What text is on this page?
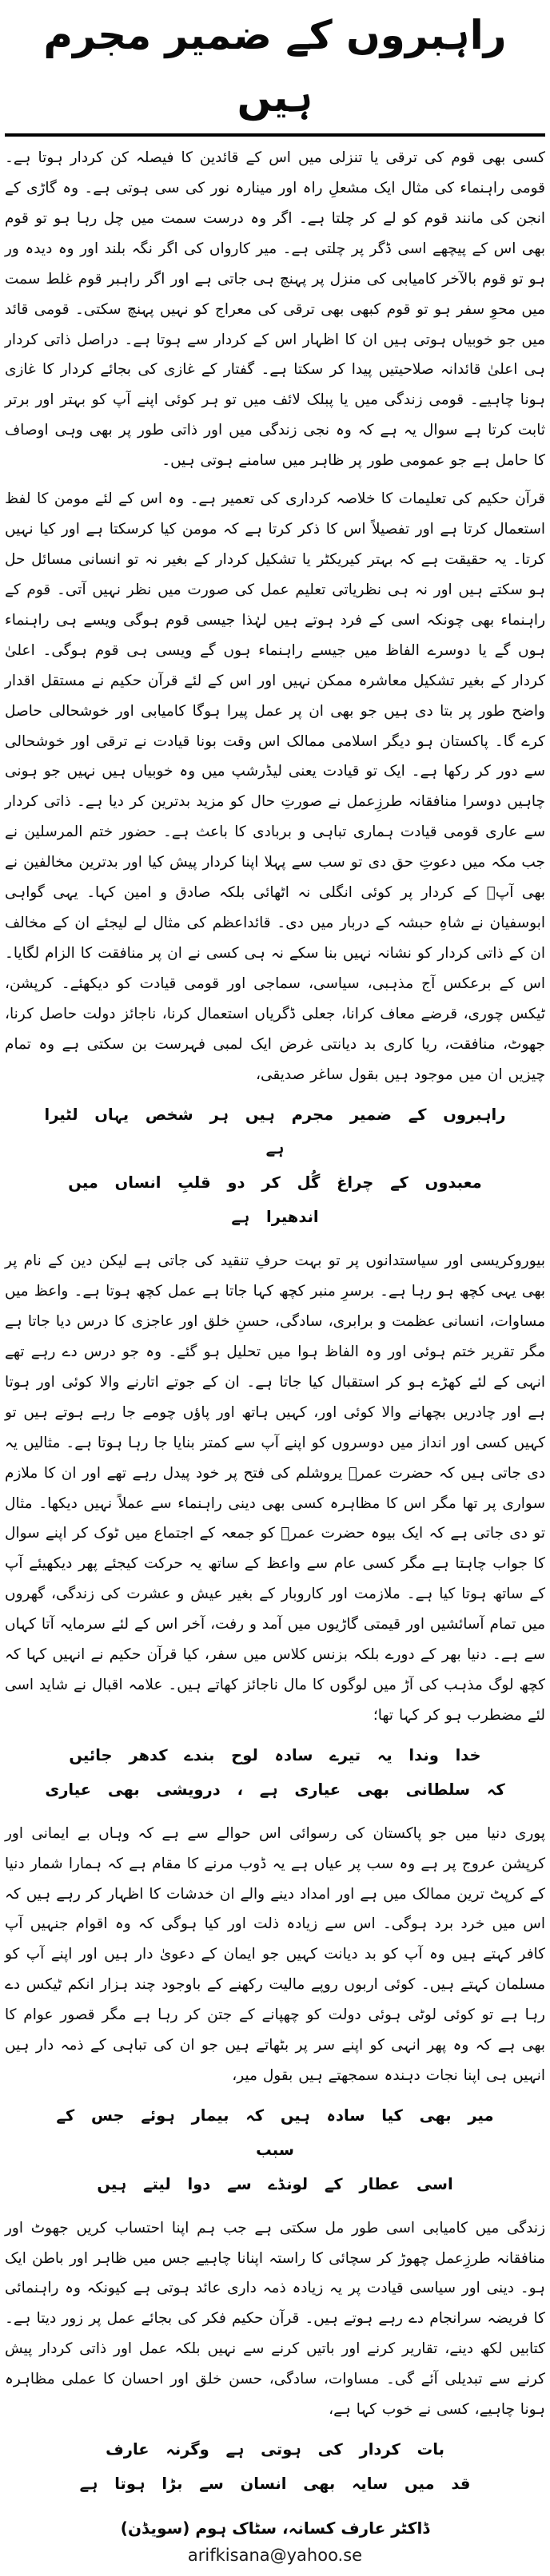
راہبروں کے ضمیر مجرم ہیں

کسی بھی قوم کی ترقی یا تنزلی میں اس کے قائدین کا فیصلہ کن کردار ہوتا ہے۔ قومی راہنماء کی مثال ایک مشعلِ راہ اور مینارہ نور کی سی ہوتی ہے۔ وہ گاڑی کے انجن کی مانند قوم کو لے کر چلتا ہے۔ اگر وہ درست سمت میں چل رہا ہو تو قوم بھی اس کے پیچھے اسی ڈگر پر چلتی ہے۔ میر کارواں کی اگر نگہ بلند اور وہ دیدہ ور ہو تو قوم بالآخر کامیابی کی منزل پر پہنچ ہی جاتی ہے اور اگر راہبر قوم غلط سمت میں محوِ سفر ہو تو قوم کبھی بھی ترقی کی معراج کو نہیں پہنچ سکتی۔ قومی قائد میں جو خوبیاں ہوتی ہیں ان کا اظہار اس کے کردار سے ہوتا ہے۔ دراصل ذاتی کردار ہی اعلیٰ قائدانہ صلاحیتیں پیدا کر سکتا ہے۔ گفتار کے غازی کی بجائے کردار کا غازی ہونا چاہیے۔ قومی زندگی میں یا پبلک لائف میں تو ہر کوئی اپنے آپ کو بہتر اور برتر ثابت کرتا ہے سوال یہ ہے کہ وہ نجی زندگی میں اور ذاتی طور پر بھی وہی اوصاف کا حامل ہے جو عمومی طور پر ظاہر میں سامنے ہوتی ہیں۔

قرآن حکیم کی تعلیمات کا خلاصہ کرداری کی تعمیر ہے۔ وہ اس کے لئے مومن کا لفظ استعمال کرتا ہے اور تفصیلاً اس کا ذکر کرتا ہے کہ مومن کیا کرسکتا ہے اور کیا نہیں کرتا۔ یہ حقیقت ہے کہ بہتر کیریکٹر یا تشکیل کردار کے بغیر نہ تو انسانی مسائل حل ہو سکتے ہیں اور نہ ہی نظریاتی تعلیم عمل کی صورت میں نظر نہیں آتی۔ قوم کے راہنماء بھی چونکہ اسی کے فرد ہوتے ہیں لہٰذا جیسی قوم ہوگی ویسے ہی راہنماء ہوں گے یا دوسرے الفاظ میں جیسے راہنماء ہوں گے ویسی ہی قوم ہوگی۔ اعلیٰ کردار کے بغیر تشکیل معاشرہ ممکن نہیں اور اس کے لئے قرآن حکیم نے مستقل اقدار واضح طور پر بتا دی ہیں جو بھی ان پر عمل پیرا ہوگا کامیابی اور خوشحالی حاصل کرے گا۔ پاکستان ہو دیگر اسلامی ممالک اس وقت بونا قیادت نے ترقی اور خوشحالی سے دور کر رکھا ہے۔ ایک تو قیادت یعنی لیڈرشپ میں وہ خوبیاں ہیں نہیں جو ہونی چاہیں دوسرا منافقانہ طرزِعمل نے صورتِ حال کو مزید بدترین کر دیا ہے۔ ذاتی کردار سے عاری قومی قیادت ہماری تباہی و بربادی کا باعث ہے۔ حضور ختم المرسلین نے جب مکہ میں دعوتِ حق دی تو سب سے پہلا اپنا کردار پیش کیا اور بدترین مخالفین نے بھی آپؐ کے کردار پر کوئی انگلی نہ اٹھائی بلکہ صادق و امین کہا۔ یہی گواہی ابوسفیان نے شاہِ حبشہ کے دربار میں دی۔ قائداعظم کی مثال لے لیجئے ان کے مخالف ان کے ذاتی کردار کو نشانہ نہیں بنا سکے نہ ہی کسی نے ان پر منافقت کا الزام لگایا۔ اس کے برعکس آج مذہبی، سیاسی، سماجی اور قومی قیادت کو دیکھئے۔ کرپشن، ٹیکس چوری، قرضے معاف کرانا، جعلی ڈگریاں استعمال کرنا، ناجائز دولت حاصل کرنا، جھوٹ، منافقت، ریا کاری بد دیانتی غرض ایک لمبی فہرست بن سکتی ہے وہ تمام چیزیں ان میں موجود ہیں بقول ساغر صدیقی،

راہبروں کے ضمیر مجرم ہیں ہر شخص یہاں لٹیرا ہے
معبدوں کے چراغ گُل کر دو قلبِ انساں میں اندھیرا ہے

بیوروکریسی اور سیاستدانوں پر تو بہت حرفِ تنقید کی جاتی ہے لیکن دین کے نام پر بھی یہی کچھ ہو رہا ہے۔ برسرِ منبر کچھ کہا جاتا ہے عمل کچھ ہوتا ہے۔ واعظ میں مساوات، انسانی عظمت و برابری، سادگی، حسنِ خلق اور عاجزی کا درس دیا جاتا ہے مگر تقریر ختم ہوئی اور وہ الفاظ ہوا میں تحلیل ہو گئے۔ وہ جو درس دے رہے تھے انہی کے لئے کھڑے ہو کر استقبال کیا جاتا ہے۔ ان کے جوتے اتارنے والا کوئی اور ہوتا ہے اور چادریں بچھانے والا کوئی اور، کہیں ہاتھ اور پاؤں چومے جا رہے ہوتے ہیں تو کہیں کسی اور انداز میں دوسروں کو اپنے آپ سے کمتر بنایا جا رہا ہوتا ہے۔ مثالیں یہ دی جاتی ہیں کہ حضرت عمرؓ یروشلم کی فتح پر خود پیدل رہے تھے اور ان کا ملازم سواری پر تھا مگر اس کا مظاہرہ کسی بھی دینی راہنماء سے عملاً نہیں دیکھا۔ مثال تو دی جاتی ہے کہ ایک بیوہ حضرت عمرؓ کو جمعہ کے اجتماع میں ٹوک کر اپنے سوال کا جواب چاہتا ہے مگر کسی عام سے واعظ کے ساتھ یہ حرکت کیجئے پھر دیکھیئے آپ کے ساتھ ہوتا کیا ہے۔ ملازمت اور کاروبار کے بغیر عیش و عشرت کی زندگی، گھروں میں تمام آسائشیں اور قیمتی گاڑیوں میں آمد و رفت، آخر اس کے لئے سرمایہ آتا کہاں سے ہے۔ دنیا بھر کے دورے بلکہ بزنس کلاس میں سفر، کیا قرآن حکیم نے انہیں کہا کہ کچھ لوگ مذہب کی آڑ میں لوگوں کا مال ناجائز کھاتے ہیں۔ علامہ اقبال نے شاید اسی لئے مضطرب ہو کر کہا تھا؛

خدا وندا یہ تیرے سادہ لوح بندے کدھر جائیں
کہ سلطانی بھی عیاری ہے ، درویشی بھی عیاری

پوری دنیا میں جو پاکستان کی رسوائی اس حوالے سے ہے کہ وہاں بے ایمانی اور کرپشن عروج پر ہے وہ سب پر عیاں ہے یہ ڈوب مرنے کا مقام ہے کہ ہمارا شمار دنیا کے کرپٹ ترین ممالک میں ہے اور امداد دینے والے ان خدشات کا اظہار کر رہے ہیں کہ اس میں خرد برد ہوگی۔ اس سے زیادہ ذلت اور کیا ہوگی کہ وہ اقوام جنہیں آپ کافر کہتے ہیں وہ آپ کو بد دیانت کہیں جو ایمان کے دعویٰ دار ہیں اور اپنے آپ کو مسلمان کہتے ہیں۔ کوئی اربوں روپے مالیت رکھنے کے باوجود چند ہزار انکم ٹیکس دے رہا ہے تو کوئی لوٹی ہوئی دولت کو چھپانے کے جتن کر رہا ہے مگر قصور عوام کا بھی ہے کہ وہ پھر انہی کو اپنے سر پر بٹھاتے ہیں جو ان کی تباہی کے ذمہ دار ہیں انہیں ہی اپنا نجات دہندہ سمجھتے ہیں بقول میر،

میر بھی کیا سادہ ہیں کہ بیمار ہوئے جس کے سبب
اسی عطار کے لونڈے سے دوا لیتے ہیں

زندگی میں کامیابی اسی طور مل سکتی ہے جب ہم اپنا احتساب کریں جھوٹ اور منافقانہ طرزِعمل چھوڑ کر سچائی کا راستہ اپنانا چاہیے جس میں ظاہر اور باطن ایک ہو۔ دینی اور سیاسی قیادت پر یہ زیادہ ذمہ داری عائد ہوتی ہے کیونکہ وہ راہنمائی کا فریضہ سرانجام دے رہے ہوتے ہیں۔ قرآن حکیم فکر کی بجائے عمل پر زور دیتا ہے۔ کتابیں لکھ دینے، تقاریر کرنے اور باتیں کرنے سے نہیں بلکہ عمل اور ذاتی کردار پیش کرنے سے تبدیلی آئے گی۔ مساوات، سادگی، حسن خلق اور احسان کا عملی مظاہرہ ہونا چاہیے، کسی نے خوب کہا ہے،

بات کردار کی ہوتی ہے وگرنہ عارف
قد میں سایہ بھی انسان سے بڑا ہوتا ہے
ڈاکٹر عارف کسانہ، سٹاک ہوم (سویڈن)
arifkisana@yahoo.se
